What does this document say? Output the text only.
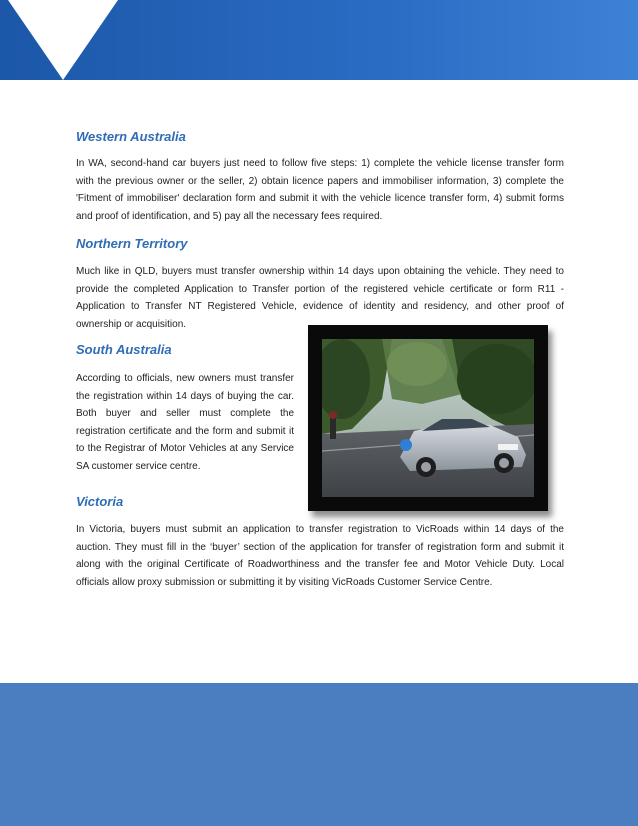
Western Australia

In WA, second-hand car buyers just need to follow five steps: 1) complete the vehicle license transfer form with the previous owner or the seller, 2) obtain licence papers and immobiliser information, 3) complete the 'Fitment of immobiliser' declaration form and submit it with the vehicle licence transfer form, 4) submit forms and proof of identification, and 5) pay all the necessary fees required.

Northern Territory

Much like in QLD, buyers must transfer ownership within 14 days upon obtaining the vehicle. They need to provide the completed Application to Transfer portion of the registered vehicle certificate or form R11 - Application to Transfer NT Registered Vehicle, evidence of identity and residency, and other proof of ownership or acquisition.

South Australia

According to officials, new owners must transfer the registration within 14 days of buying the car. Both buyer and seller must complete the registration certificate and the form and submit it to the Registrar of Motor Vehicles at any Service SA customer service centre.

Victoria

In Victoria, buyers must submit an application to transfer registration to VicRoads within 14 days of the auction. They must fill in the ‘buyer’ section of the application for transfer of registration form and submit it along with the original Certificate of Roadworthiness and the transfer fee and Motor Vehicle Duty. Local officials allow proxy submission or submitting it by visiting VicRoads Customer Service Centre.
